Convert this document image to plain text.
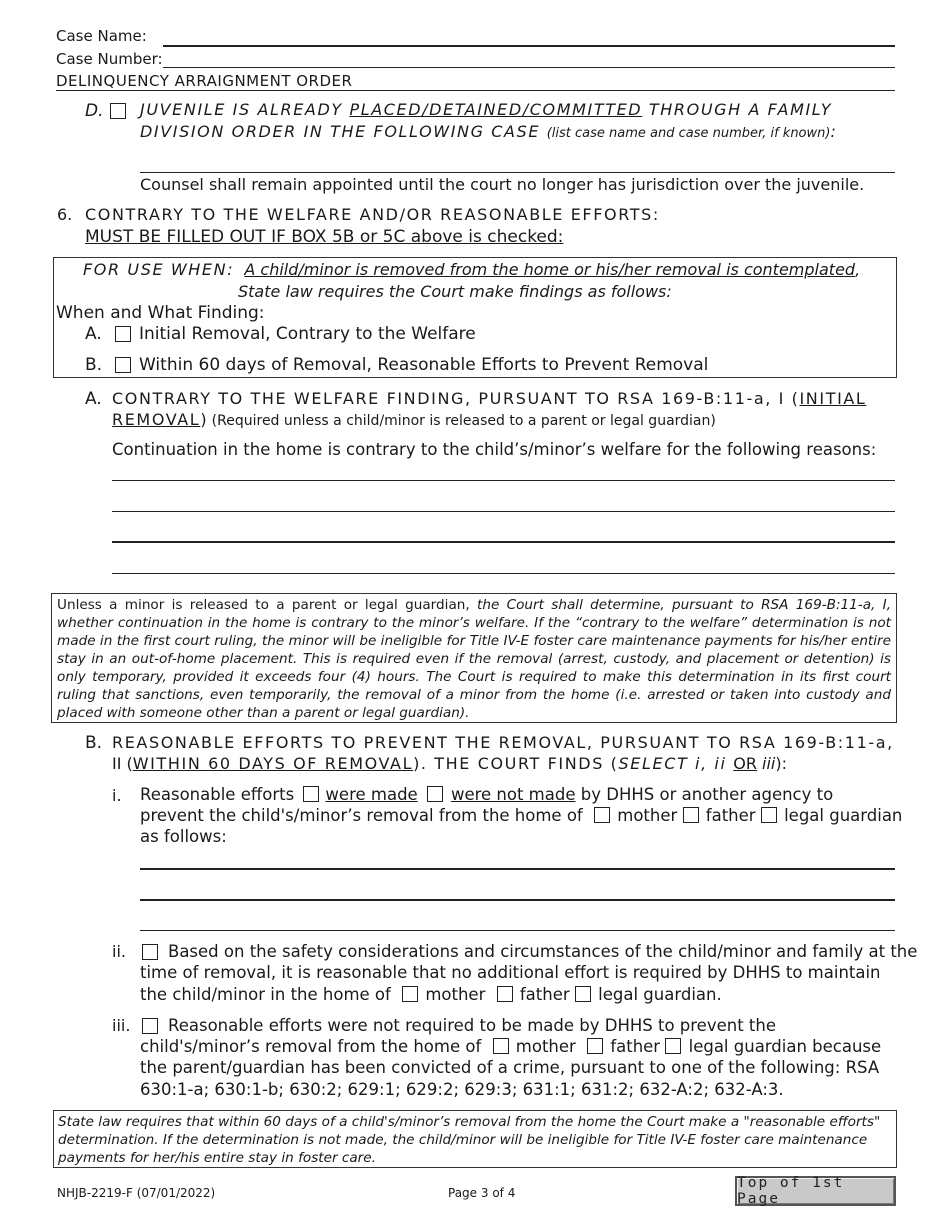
Case Name:
Case Number:
DELINQUENCY ARRAIGNMENT ORDER
D. JUVENILE IS ALREADY PLACED/DETAINED/COMMITTED THROUGH A FAMILY
DIVISION ORDER IN THE FOLLOWING CASE (list case name and case number, if known):
Counsel shall remain appointed until the court no longer has jurisdiction over the juvenile.
6. CONTRARY TO THE WELFARE AND/OR REASONABLE EFFORTS:
MUST BE FILLED OUT IF BOX 5B or 5C above is checked:
FOR USE WHEN: A child/minor is removed from the home or his/her removal is contemplated,
State law requires the Court make findings as follows:
When and What Finding:
A. Initial Removal, Contrary to the Welfare
B. Within 60 days of Removal, Reasonable Efforts to Prevent Removal
A. CONTRARY TO THE WELFARE FINDING, PURSUANT TO RSA 169-B:11-a, I (INITIAL
REMOVAL) (Required unless a child/minor is released to a parent or legal guardian)
Continuation in the home is contrary to the child’s/minor’s welfare for the following reasons:
Unless a minor is released to a parent or legal guardian, the Court shall determine, pursuant to RSA 169-B:11-a, I, whether continuation in the home is contrary to the minor’s welfare. If the “contrary to the welfare” determination is not made in the first court ruling, the minor will be ineligible for Title IV-E foster care maintenance payments for his/her entire stay in an out-of-home placement. This is required even if the removal (arrest, custody, and placement or detention) is only temporary, provided it exceeds four (4) hours. The Court is required to make this determination in its first court ruling that sanctions, even temporarily, the removal of a minor from the home (i.e. arrested or taken into custody and placed with someone other than a parent or legal guardian).
B. REASONABLE EFFORTS TO PREVENT THE REMOVAL, PURSUANT TO RSA 169-B:11-a,
II (WITHIN 60 DAYS OF REMOVAL). THE COURT FINDS (SELECT i, ii OR iii):
i. Reasonable efforts were made were not made by DHHS or another agency to
prevent the child's/minor’s removal from the home of mother father legal guardian
as follows:
ii.	Based on the safety considerations and circumstances of the child/minor and family at the
time of removal, it is reasonable that no additional effort is required by DHHS to maintain
the child/minor in the home of mother father legal guardian.
iii. Reasonable efforts were not required to be made by DHHS to prevent the
child's/minor’s removal from the home of mother father legal guardian because
the parent/guardian has been convicted of a crime, pursuant to one of the following: RSA
630:1-a; 630:1-b; 630:2; 629:1; 629:2; 629:3; 631:1; 631:2; 632-A:2; 632-A:3.
State law requires that within 60 days of a child's/minor’s removal from the home the Court make a "reasonable efforts" determination. If the determination is not made, the child/minor will be ineligible for Title IV-E foster care maintenance payments for her/his entire stay in foster care.
NHJB-2219-F (07/01/2022)	Page 3 of 4
Top of 1st Page
